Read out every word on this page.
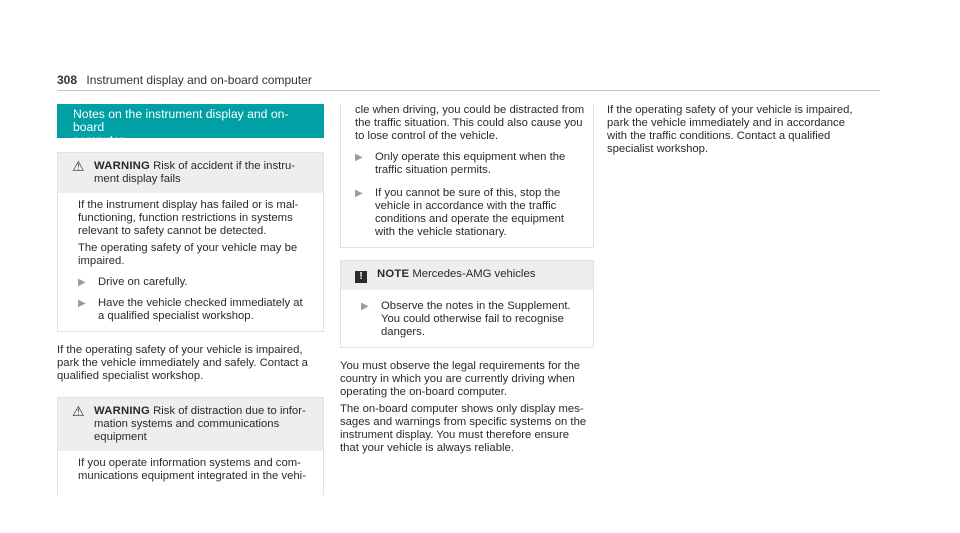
308 Instrument display and on-board computer
Notes on the instrument display and on-board
computer
⚠ WARNING Risk of accident if the instru-
ment display fails

If the instrument display has failed or is mal-
functioning, function restrictions in systems
relevant to safety cannot be detected.

The operating safety of your vehicle may be
impaired.

▶	Drive on carefully.
▶	Have the vehicle checked immediately at
a qualified specialist workshop.

If the operating safety of your vehicle is impaired,
park the vehicle immediately and safely. Contact a
qualified specialist workshop.

⚠ WARNING Risk of distraction due to infor-
mation systems and communications
equipment

If you operate information systems and com-
munications equipment integrated in the vehi-

cle when driving, you could be distracted from
the traffic situation. This could also cause you
to lose control of the vehicle.

▶	Only operate this equipment when the
traffic situation permits.
▶	If you cannot be sure of this, stop the
vehicle in accordance with the traffic
conditions and operate the equipment
with the vehicle stationary.
!	NOTE Mercedes-AMG vehicles
▶	Observe the notes in the Supplement.
You could otherwise fail to recognise
dangers.

You must observe the legal requirements for the
country in which you are currently driving when
operating the on-board computer.

The on-board computer shows only display mes-
sages and warnings from specific systems on the
instrument display. You must therefore ensure
that your vehicle is always reliable.

If the operating safety of your vehicle is impaired,
park the vehicle immediately and in accordance
with the traffic conditions. Contact a qualified
specialist workshop.
